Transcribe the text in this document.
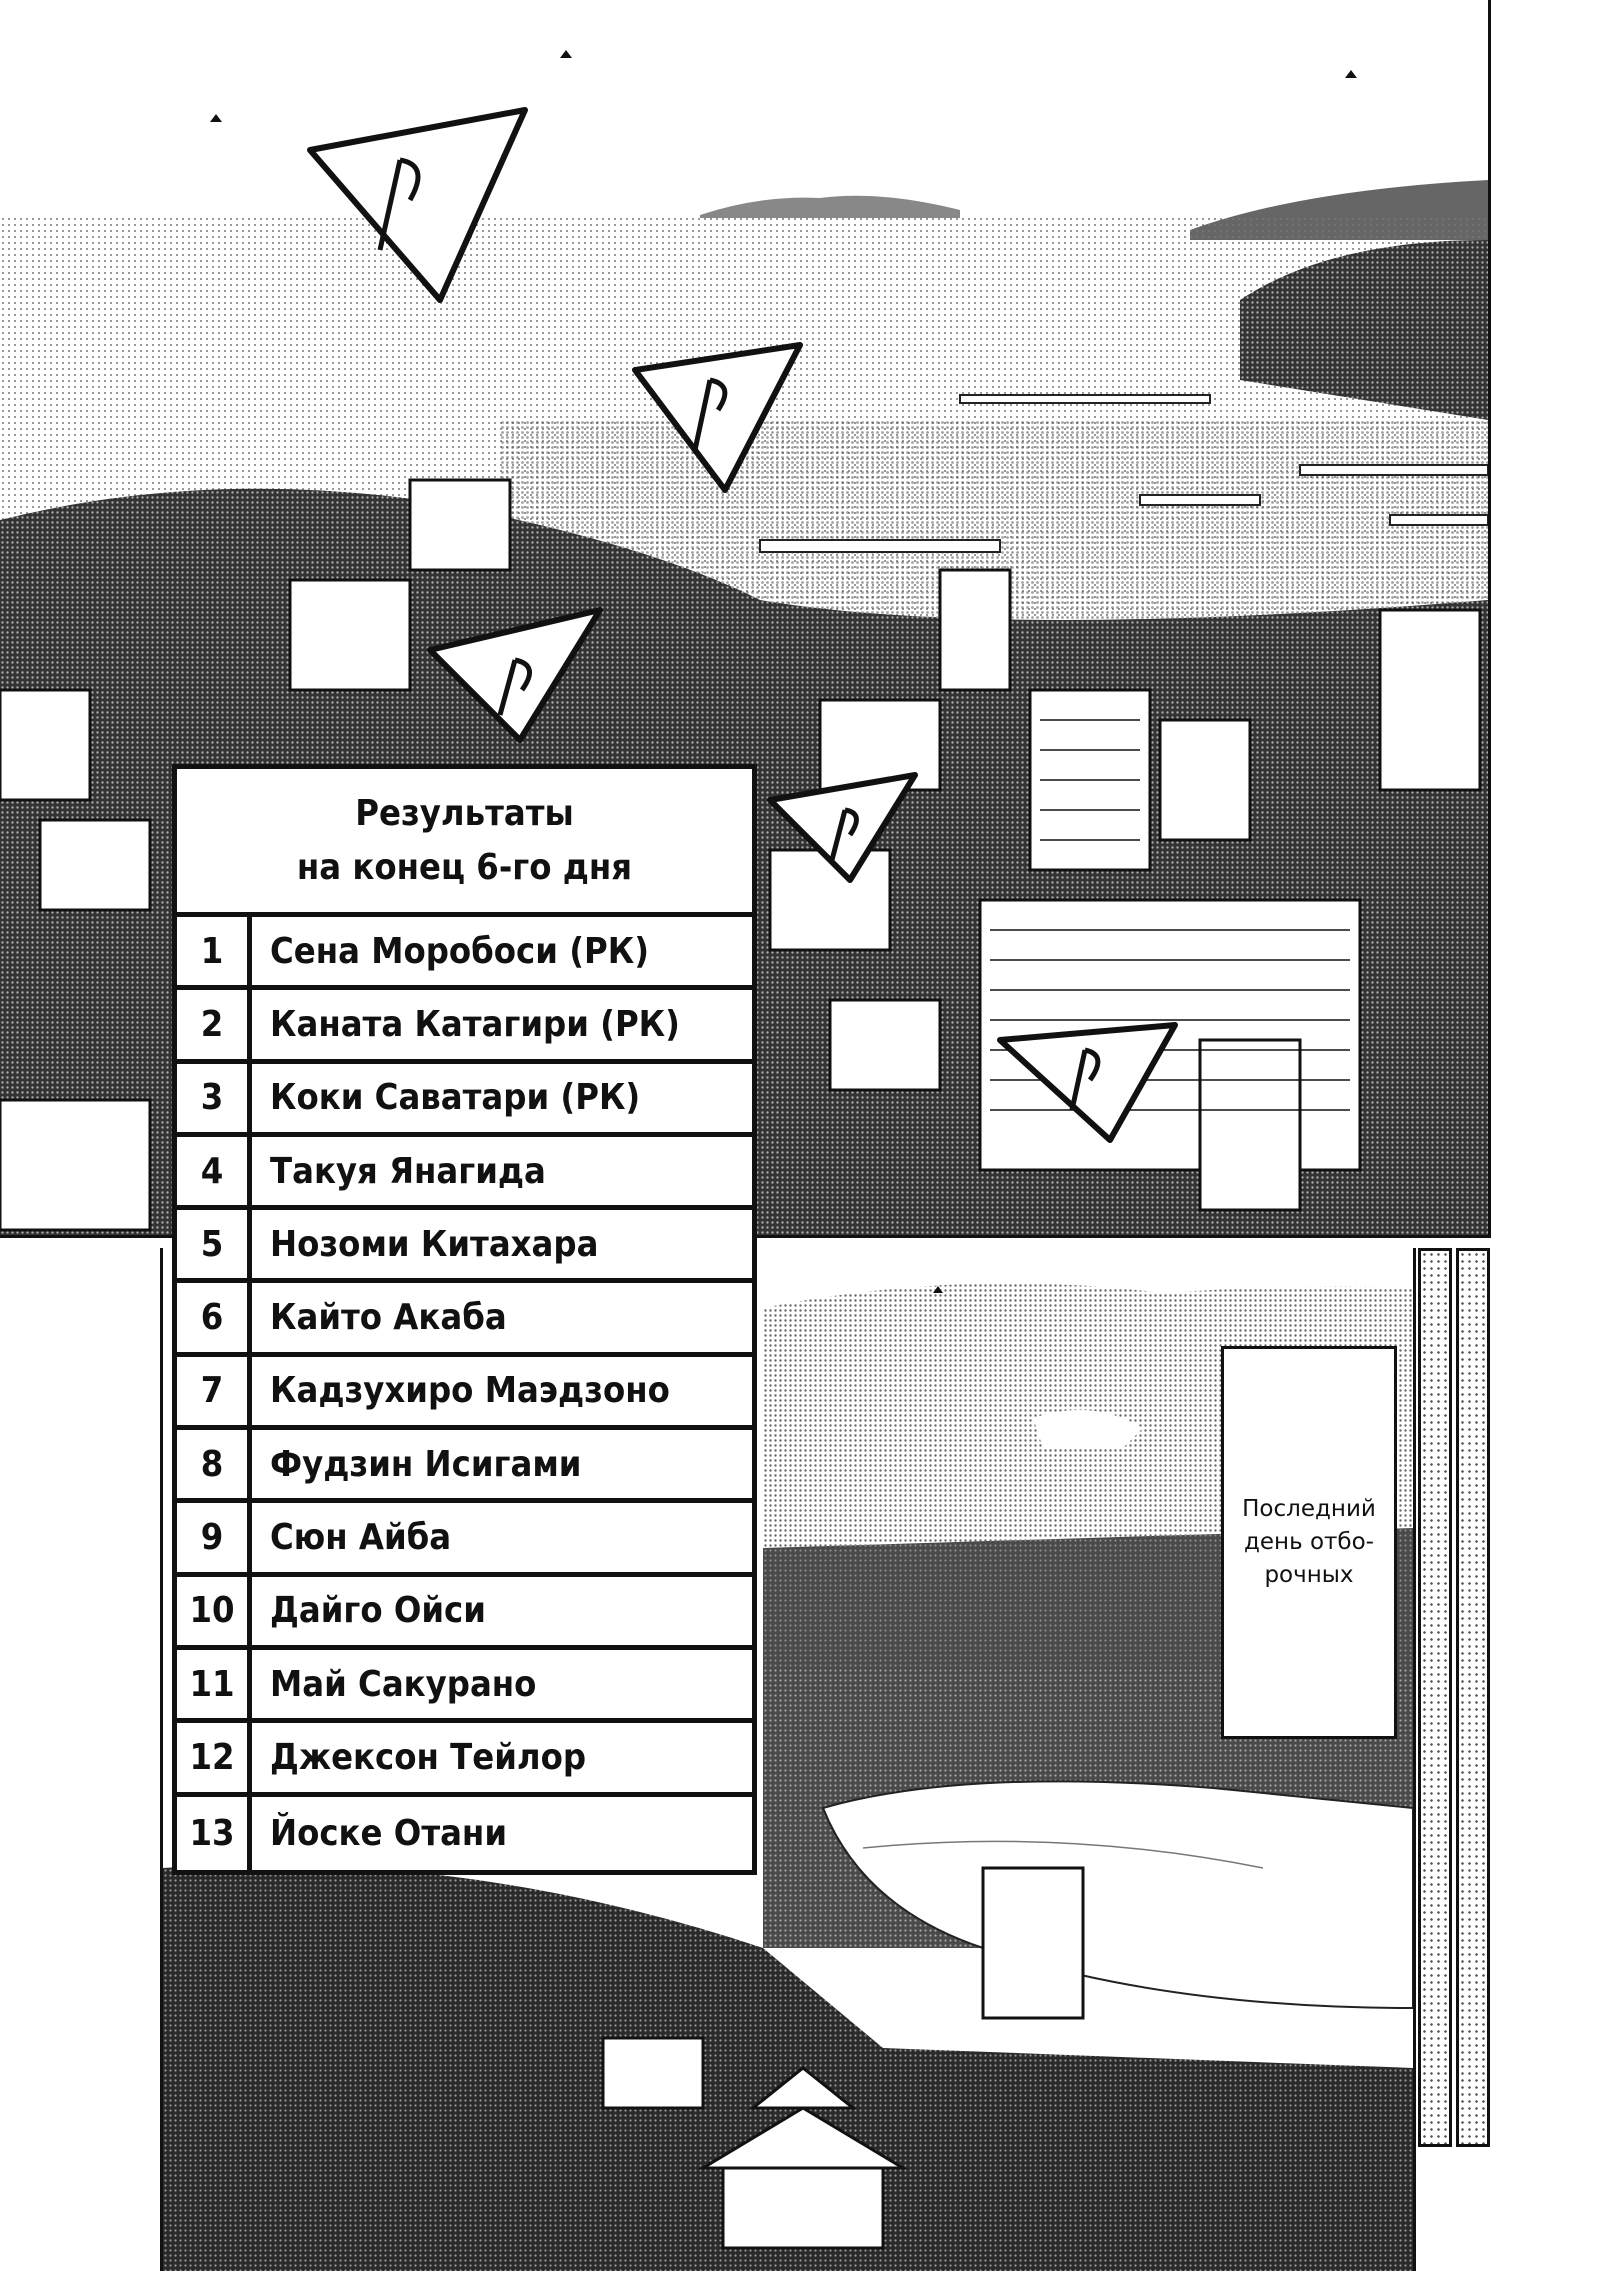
Результаты
на конец 6-го дня
1	Сена Моробоси (РК)
2	Каната Катагири (РК)
3	Коки Саватари (РК)
4	Такуя Янагида
5	Нозоми Китахара
6	Кайто Акаба
7	Кадзухиро Маэдзоно
8	Фудзин Исигами
9	Сюн Айба
10 Дайго Ойси
11 Май Сакурано
12 Джексон Тейлор
13 Йоске Отани
Последний
день отбо-
рочных
